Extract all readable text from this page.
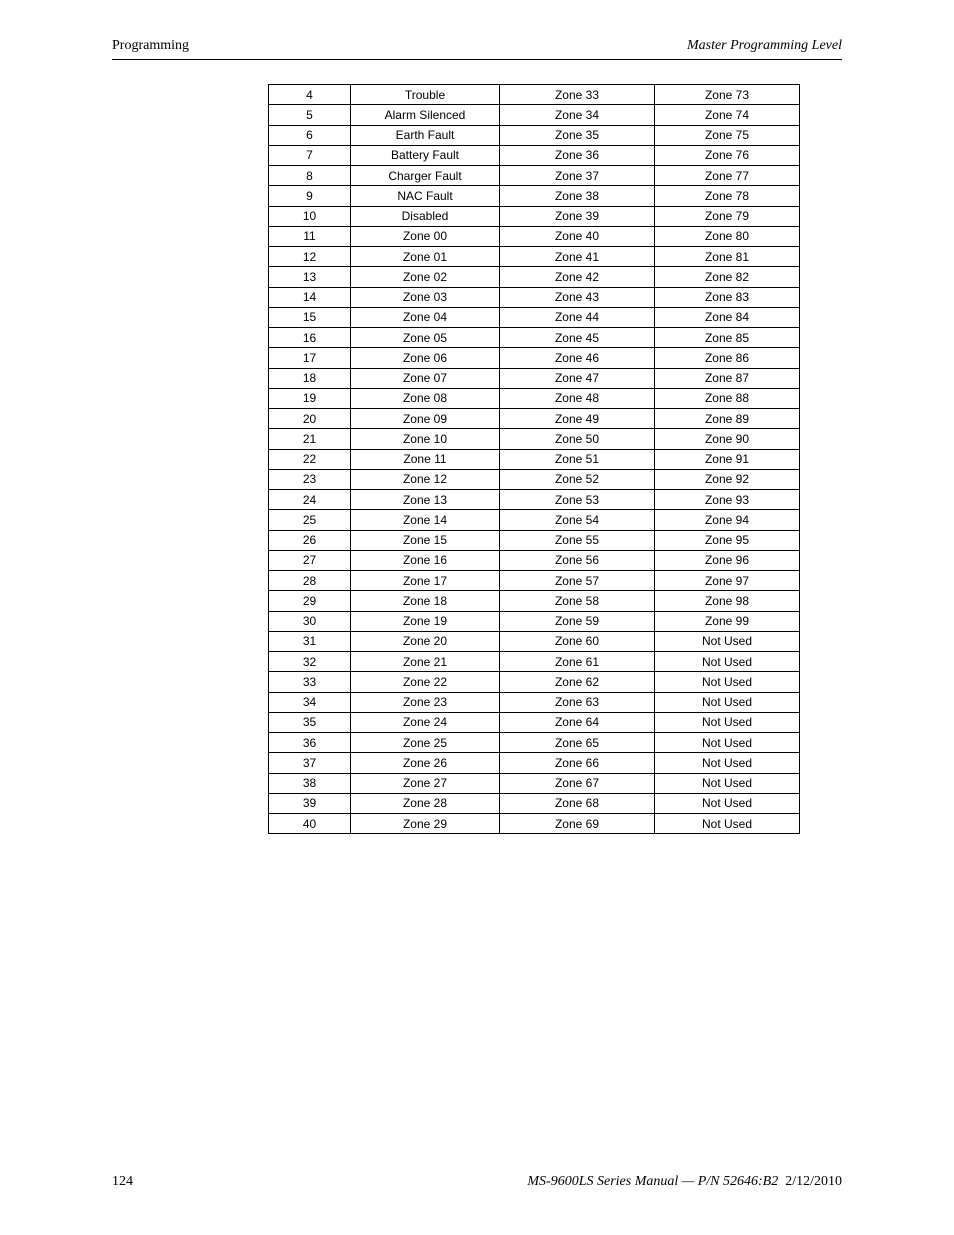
Programming	Master Programming Level
4	Trouble	Zone 33	Zone 73
5	Alarm Silenced	Zone 34	Zone 74
6	Earth Fault	Zone 35	Zone 75
7	Battery Fault	Zone 36	Zone 76
8	Charger Fault	Zone 37	Zone 77
9	NAC Fault	Zone 38	Zone 78
10	Disabled	Zone 39	Zone 79
11	Zone 00	Zone 40	Zone 80
12	Zone 01	Zone 41	Zone 81
13	Zone 02	Zone 42	Zone 82
14	Zone 03	Zone 43	Zone 83
15	Zone 04	Zone 44	Zone 84
16	Zone 05	Zone 45	Zone 85
17	Zone 06	Zone 46	Zone 86
18	Zone 07	Zone 47	Zone 87
19	Zone 08	Zone 48	Zone 88
20	Zone 09	Zone 49	Zone 89
21	Zone 10	Zone 50	Zone 90
22	Zone 11	Zone 51	Zone 91
23	Zone 12	Zone 52	Zone 92
24	Zone 13	Zone 53	Zone 93
25	Zone 14	Zone 54	Zone 94
26	Zone 15	Zone 55	Zone 95
27	Zone 16	Zone 56	Zone 96
28	Zone 17	Zone 57	Zone 97
29	Zone 18	Zone 58	Zone 98
30	Zone 19	Zone 59	Zone 99
31	Zone 20	Zone 60	Not Used
32	Zone 21	Zone 61	Not Used
33	Zone 22	Zone 62	Not Used
34	Zone 23	Zone 63	Not Used
35	Zone 24	Zone 64	Not Used
36	Zone 25	Zone 65	Not Used
37	Zone 26	Zone 66	Not Used
38	Zone 27	Zone 67	Not Used
39	Zone 28	Zone 68	Not Used
40	Zone 29	Zone 69	Not Used
124	MS-9600LS Series Manual — P/N 52646:B2 2/12/2010
